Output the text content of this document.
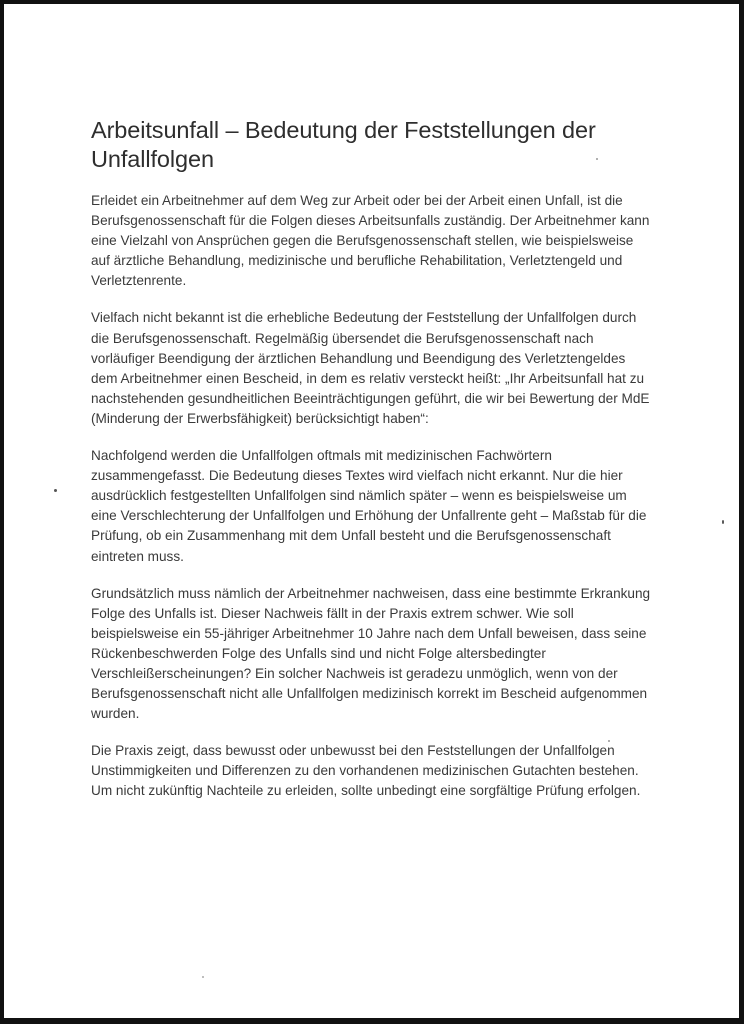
Arbeitsunfall – Bedeutung der Feststellungen der Unfallfolgen

Erleidet ein Arbeitnehmer auf dem Weg zur Arbeit oder bei der Arbeit einen Unfall, ist die Berufsgenossenschaft für die Folgen dieses Arbeitsunfalls zuständig. Der Arbeitnehmer kann eine Vielzahl von Ansprüchen gegen die Berufsgenossenschaft stellen, wie beispielsweise auf ärztliche Behandlung, medizinische und berufliche Rehabilitation, Verletztengeld und Verletztenrente.

Vielfach nicht bekannt ist die erhebliche Bedeutung der Feststellung der Unfallfolgen durch die Berufsgenossenschaft. Regelmäßig übersendet die Berufsgenossenschaft nach vorläufiger Beendigung der ärztlichen Behandlung und Beendigung des Verletztengeldes dem Arbeitnehmer einen Bescheid, in dem es relativ versteckt heißt: „Ihr Arbeitsunfall hat zu nachstehenden gesundheitlichen Beeinträchtigungen geführt, die wir bei Bewertung der MdE (Minderung der Erwerbsfähigkeit) berücksichtigt haben“:

Nachfolgend werden die Unfallfolgen oftmals mit medizinischen Fachwörtern zusammengefasst. Die Bedeutung dieses Textes wird vielfach nicht erkannt. Nur die hier ausdrücklich festgestellten Unfallfolgen sind nämlich später – wenn es beispielsweise um eine Verschlechterung der Unfallfolgen und Erhöhung der Unfallrente geht – Maßstab für die Prüfung, ob ein Zusammenhang mit dem Unfall besteht und die Berufsgenossenschaft eintreten muss.

Grundsätzlich muss nämlich der Arbeitnehmer nachweisen, dass eine bestimmte Erkrankung Folge des Unfalls ist. Dieser Nachweis fällt in der Praxis extrem schwer. Wie soll beispielsweise ein 55-jähriger Arbeitnehmer 10 Jahre nach dem Unfall beweisen, dass seine Rückenbeschwerden Folge des Unfalls sind und nicht Folge altersbedingter Verschleißerscheinungen? Ein solcher Nachweis ist geradezu unmöglich, wenn von der Berufsgenossenschaft nicht alle Unfallfolgen medizinisch korrekt im Bescheid aufgenommen wurden.

Die Praxis zeigt, dass bewusst oder unbewusst bei den Feststellungen der Unfallfolgen Unstimmigkeiten und Differenzen zu den vorhandenen medizinischen Gutachten bestehen. Um nicht zukünftig Nachteile zu erleiden, sollte unbedingt eine sorgfältige Prüfung erfolgen.
